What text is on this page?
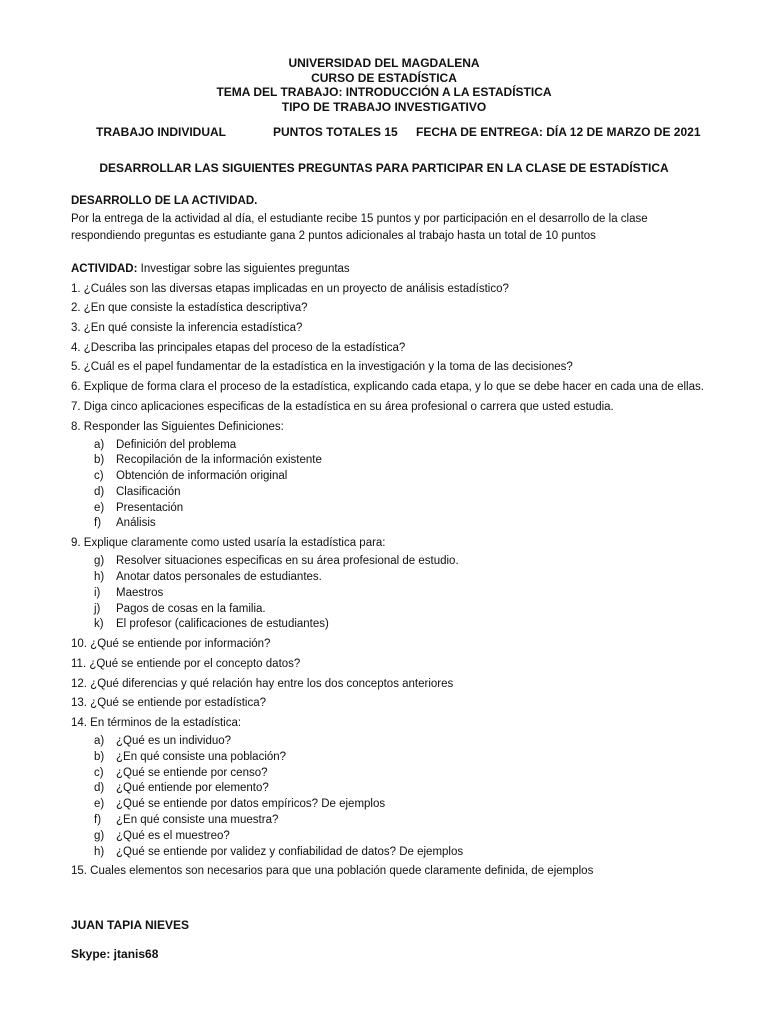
UNIVERSIDAD DEL MAGDALENA
CURSO DE ESTADÍSTICA
TEMA DEL TRABAJO: INTRODUCCIÓN A LA ESTADÍSTICA
TIPO DE TRABAJO INVESTIGATIVO
TRABAJO INDIVIDUAL	PUNTOS TOTALES 15 FECHA DE ENTREGA: DÍA 12 DE MARZO DE 2021
DESARROLLAR LAS SIGUIENTES PREGUNTAS PARA PARTICIPAR EN LA CLASE DE ESTADÍSTICA
DESARROLLO DE LA ACTIVIDAD.
Por la entrega de la actividad al día, el estudiante recibe 15 puntos y por participación en el desarrollo de la clase
respondiendo preguntas es estudiante gana 2 puntos adicionales al trabajo hasta un total de 10 puntos
ACTIVIDAD: Investigar sobre las siguientes preguntas
1. ¿Cuáles son las diversas etapas implicadas en un proyecto de análisis estadístico?
2. ¿En que consiste la estadística descriptiva?
3. ¿En qué consiste la inferencia estadística?
4. ¿Describa las principales etapas del proceso de la estadística?
5. ¿Cuál es el papel fundamentar de la estadística en la investigación y la toma de las decisiones?
6. Explique de forma clara el proceso de la estadística, explicando cada etapa, y lo que se debe hacer en cada una de ellas.
7. Diga cinco aplicaciones especificas de la estadística en su área profesional o carrera que usted estudia.
8. Responder las Siguientes Definiciones:
a) Definición del problema
b) Recopilación de la información existente
c) Obtención de información original
d) Clasificación
e) Presentación
f) Análisis
9. Explique claramente como usted usaría la estadística para:
g) Resolver situaciones especificas en su área profesional de estudio.
h) Anotar datos personales de estudiantes.
i) Maestros
j) Pagos de cosas en la familia.
k) El profesor (calificaciones de estudiantes)
10. ¿Qué se entiende por información?
11. ¿Qué se entiende por el concepto datos?
12. ¿Qué diferencias y qué relación hay entre los dos conceptos anteriores
13. ¿Qué se entiende por estadística?
14. En términos de la estadística:
a) ¿Qué es un individuo?
b) ¿En qué consiste una población?
c) ¿Qué se entiende por censo?
d) ¿Qué entiende por elemento?
e) ¿Qué se entiende por datos empíricos? De ejemplos
f) ¿En qué consiste una muestra?
g) ¿Qué es el muestreo?
h) ¿Qué se entiende por validez y confiabilidad de datos? De ejemplos
15. Cuales elementos son necesarios para que una población quede claramente definida, de ejemplos
JUAN TAPIA NIEVES
Skype: jtanis68
